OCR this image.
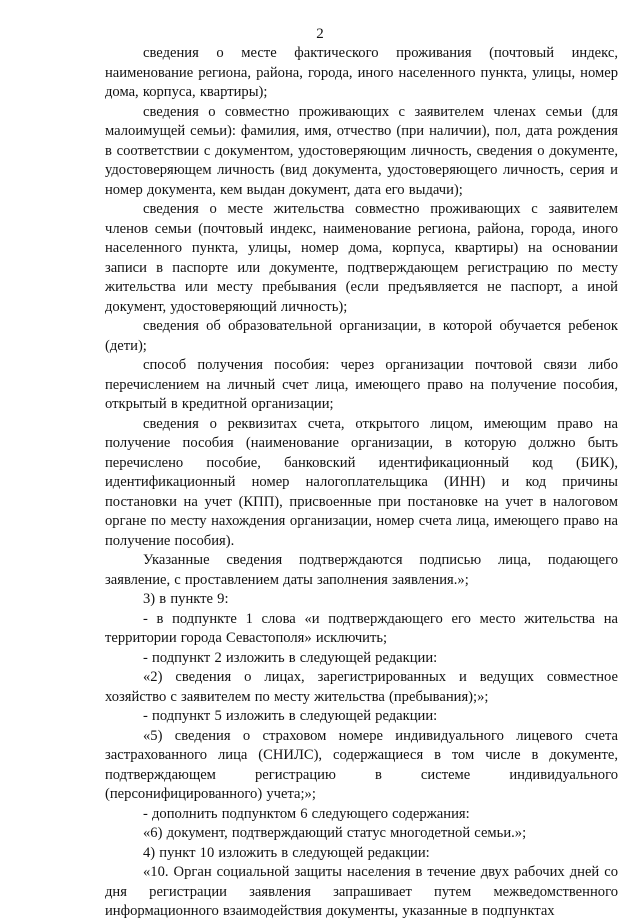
2

сведения о месте фактического проживания (почтовый индекс, наименование региона, района, города, иного населенного пункта, улицы, номер дома, корпуса, квартиры);

сведения о совместно проживающих с заявителем членах семьи (для малоимущей семьи): фамилия, имя, отчество (при наличии), пол, дата рождения в соответствии с документом, удостоверяющим личность, сведения о документе, удостоверяющем личность (вид документа, удостоверяющего личность, серия и номер документа, кем выдан документ, дата его выдачи);

сведения о месте жительства совместно проживающих с заявителем членов семьи (почтовый индекс, наименование региона, района, города, иного населенного пункта, улицы, номер дома, корпуса, квартиры) на основании записи в паспорте или документе, подтверждающем регистрацию по месту жительства или месту пребывания (если предъявляется не паспорт, а иной документ, удостоверяющий личность);

сведения об образовательной организации, в которой обучается ребенок (дети);

способ получения пособия: через организации почтовой связи либо перечислением на личный счет лица, имеющего право на получение пособия, открытый в кредитной организации;

сведения о реквизитах счета, открытого лицом, имеющим право на получение пособия (наименование организации, в которую должно быть перечислено пособие, банковский идентификационный код (БИК), идентификационный номер налогоплательщика (ИНН) и код причины постановки на учет (КПП), присвоенные при постановке на учет в налоговом органе по месту нахождения организации, номер счета лица, имеющего право на получение пособия).

Указанные сведения подтверждаются подписью лица, подающего заявление, с проставлением даты заполнения заявления.»;

3) в пункте 9:

- в подпункте 1 слова «и подтверждающего его место жительства на территории города Севастополя» исключить;

- подпункт 2 изложить в следующей редакции:

«2) сведения о лицах, зарегистрированных и ведущих совместное хозяйство с заявителем по месту жительства (пребывания);»;

- подпункт 5 изложить в следующей редакции:

«5) сведения о страховом номере индивидуального лицевого счета застрахованного лица (СНИЛС), содержащиеся в том числе в документе, подтверждающем регистрацию в системе индивидуального (персонифицированного) учета;»;

- дополнить подпунктом 6 следующего содержания:

«6) документ, подтверждающий статус многодетной семьи.»;

4) пункт 10 изложить в следующей редакции:

«10. Орган социальной защиты населения в течение двух рабочих дней со дня регистрации заявления запрашивает путем межведомственного информационного взаимодействия документы, указанные в подпунктах
